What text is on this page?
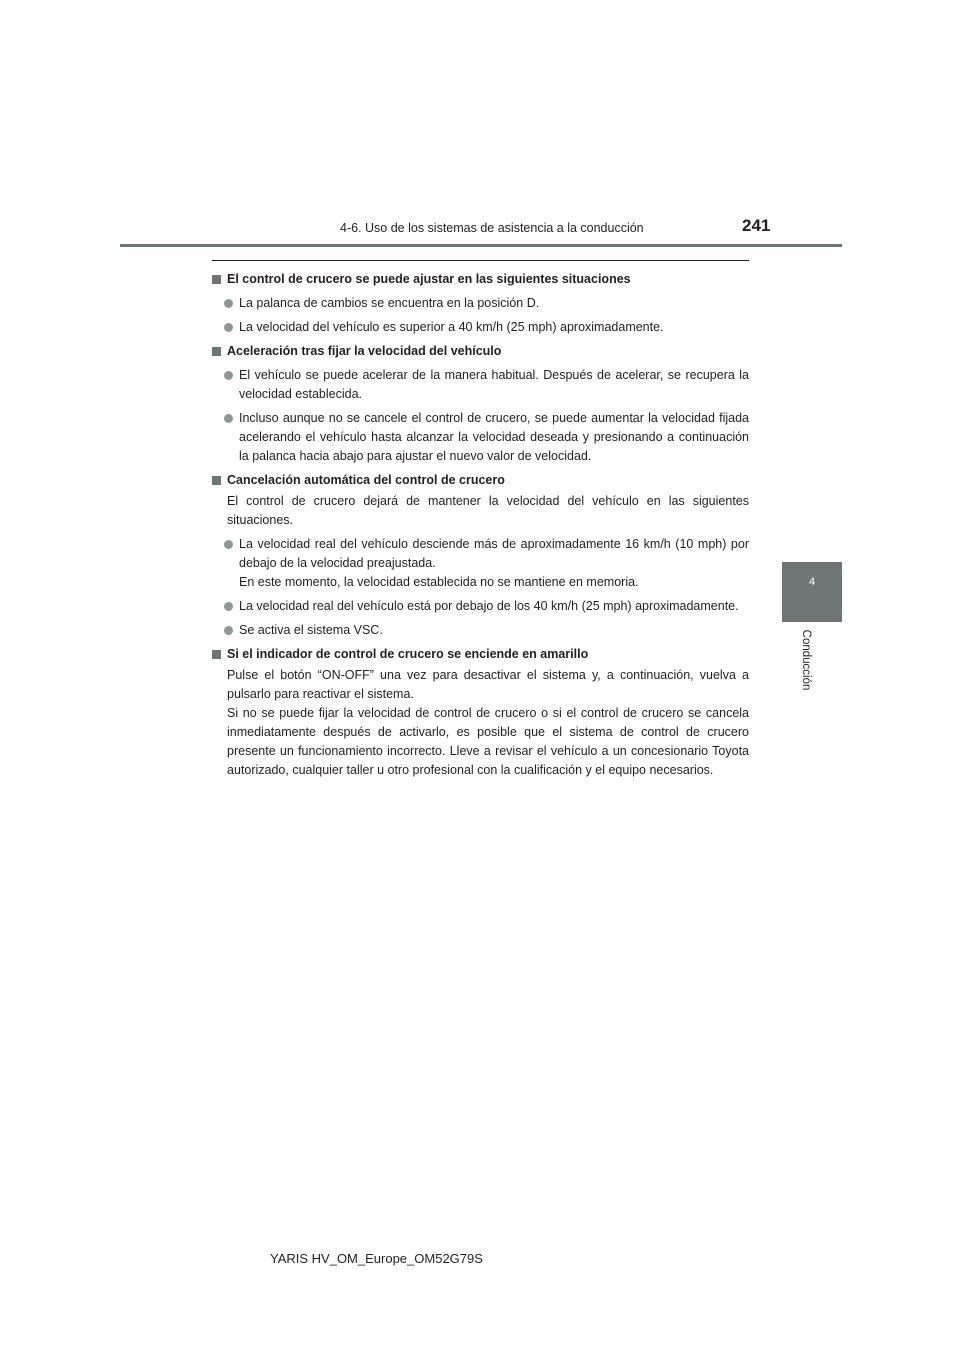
4-6. Uso de los sistemas de asistencia a la conducción	241
4
Conducción
El control de crucero se puede ajustar en las siguientes situaciones
La palanca de cambios se encuentra en la posición D.
La velocidad del vehículo es superior a 40 km/h (25 mph) aproximadamente.
Aceleración tras fijar la velocidad del vehículo
El vehículo se puede acelerar de la manera habitual. Después de acelerar, se recupera la velocidad establecida.
Incluso aunque no se cancele el control de crucero, se puede aumentar la velocidad fijada acelerando el vehículo hasta alcanzar la velocidad deseada y presionando a continuación la palanca hacia abajo para ajustar el nuevo valor de velocidad.
Cancelación automática del control de crucero
El control de crucero dejará de mantener la velocidad del vehículo en las siguientes situaciones.
La velocidad real del vehículo desciende más de aproximadamente 16 km/h (10 mph) por debajo de la velocidad preajustada.
En este momento, la velocidad establecida no se mantiene en memoria.
La velocidad real del vehículo está por debajo de los 40 km/h (25 mph) aproximadamente.
Se activa el sistema VSC.
Si el indicador de control de crucero se enciende en amarillo
Pulse el botón “ON-OFF” una vez para desactivar el sistema y, a continuación, vuelva a pulsarlo para reactivar el sistema.
Si no se puede fijar la velocidad de control de crucero o si el control de crucero se cancela inmediatamente después de activarlo, es posible que el sistema de control de crucero presente un funcionamiento incorrecto. Lleve a revisar el vehículo a un concesionario Toyota autorizado, cualquier taller u otro profesional con la cualificación y el equipo necesarios.
YARIS HV_OM_Europe_OM52G79S
